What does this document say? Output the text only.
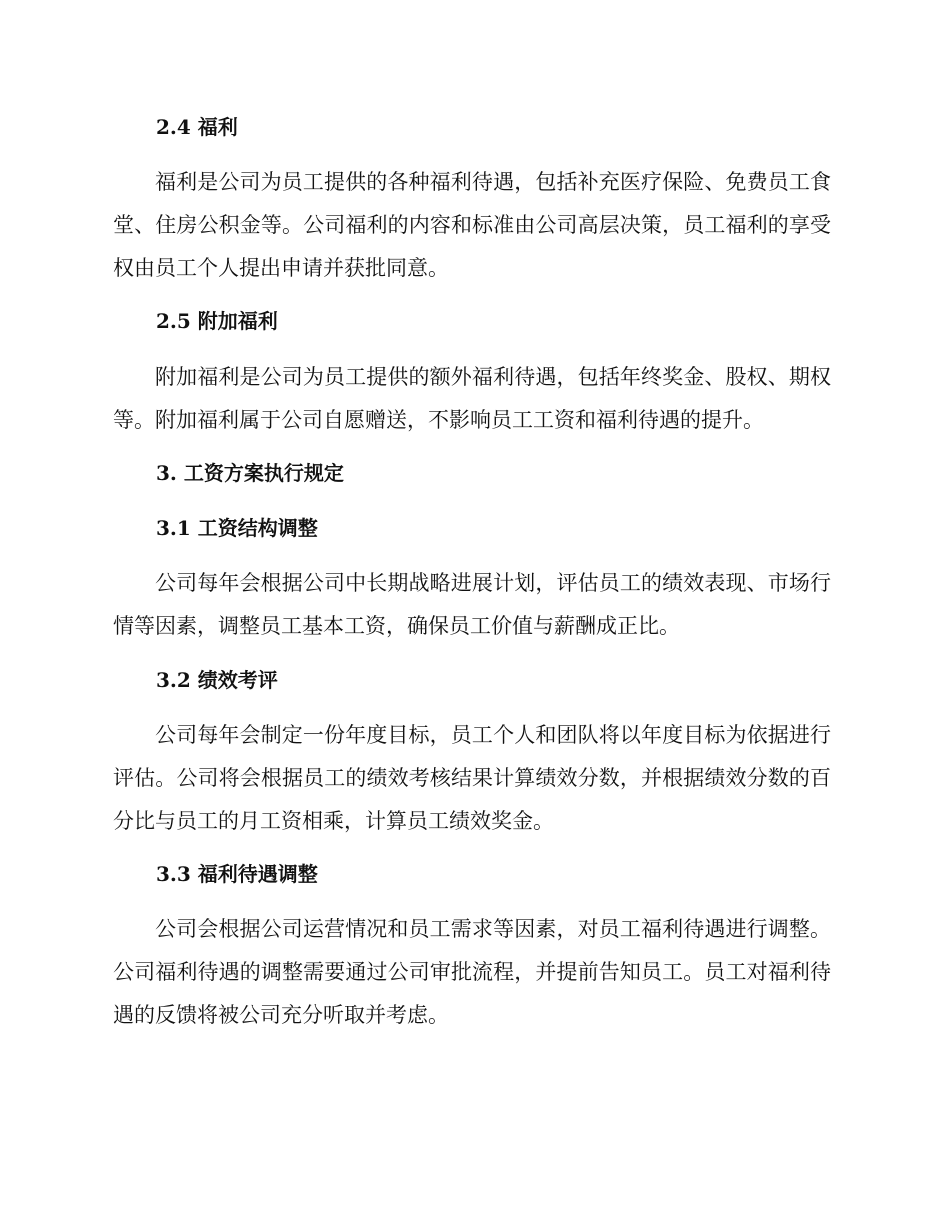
2.4 福利

福利是公司为员工提供的各种福利待遇，包括补充医疗保险、免费员工食堂、住房公积金等。公司福利的内容和标准由公司高层决策，员工福利的享受权由员工个人提出申请并获批同意。

2.5 附加福利

附加福利是公司为员工提供的额外福利待遇，包括年终奖金、股权、期权等。附加福利属于公司自愿赠送，不影响员工工资和福利待遇的提升。

3. 工资方案执行规定
3.1 工资结构调整

公司每年会根据公司中长期战略进展计划，评估员工的绩效表现、市场行情等因素，调整员工基本工资，确保员工价值与薪酬成正比。

3.2 绩效考评

公司每年会制定一份年度目标，员工个人和团队将以年度目标为依据进行评估。公司将会根据员工的绩效考核结果计算绩效分数，并根据绩效分数的百分比与员工的月工资相乘，计算员工绩效奖金。

3.3 福利待遇调整

公司会根据公司运营情况和员工需求等因素，对员工福利待遇进行调整。公司福利待遇的调整需要通过公司审批流程，并提前告知员工。员工对福利待遇的反馈将被公司充分听取并考虑。
